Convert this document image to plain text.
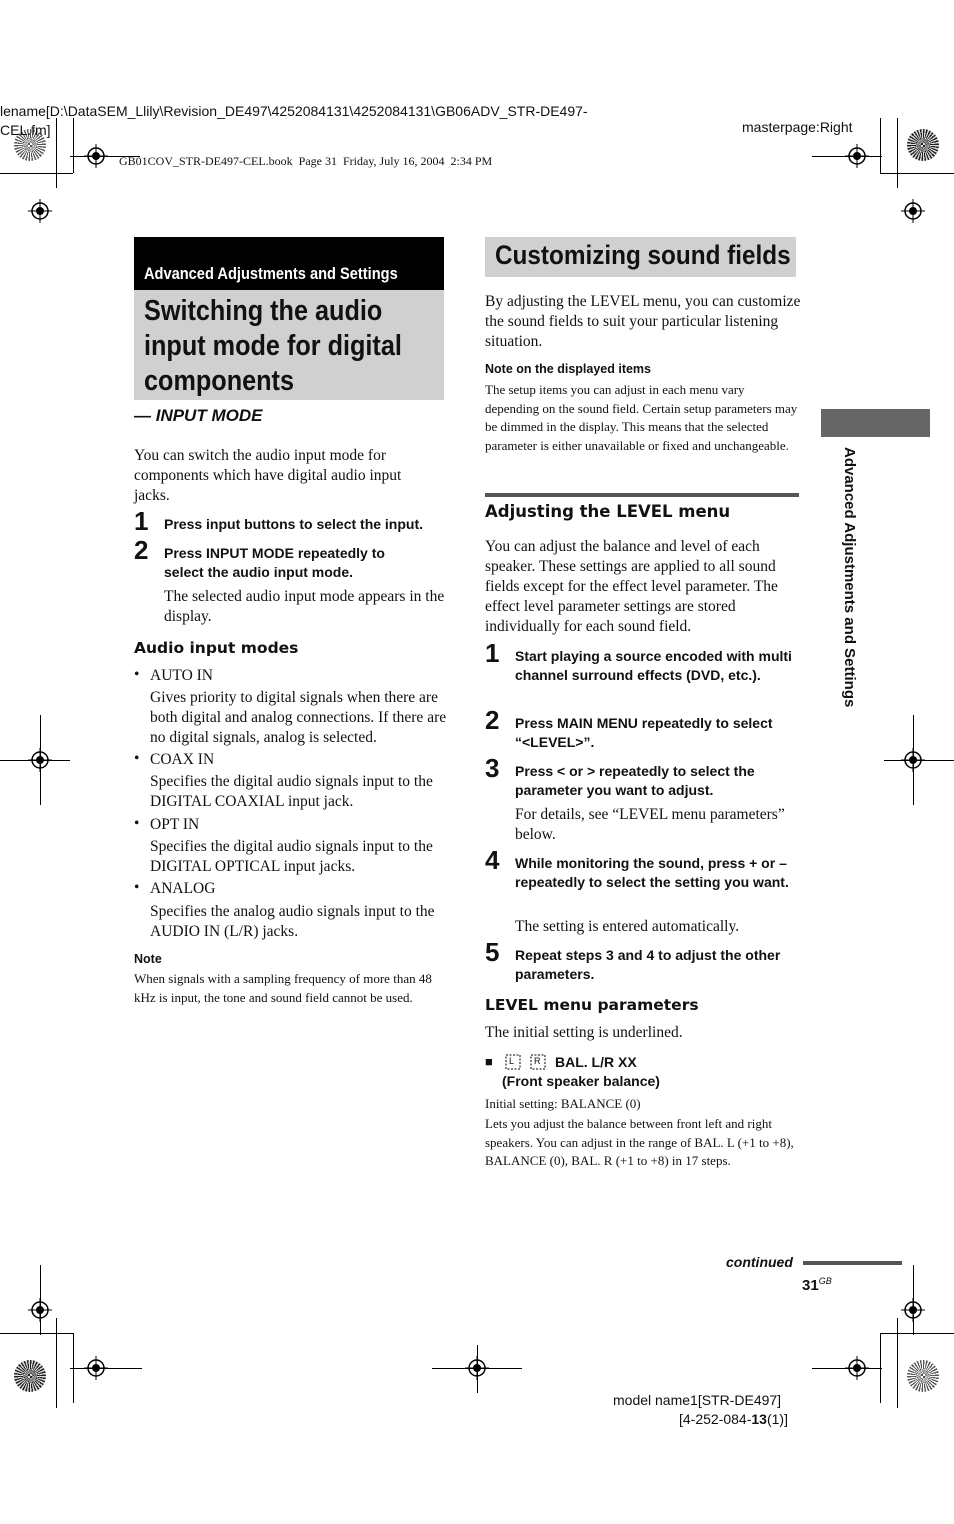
lename[D:\DataSEM_Llily\Revision_DE497\4252084131\4252084131\GB06ADV_STR-DE497-
CEL.fm]	masterpage:Right
GB01COV_STR-DE497-CEL.book  Page 31  Friday, July 16, 2004  2:34 PM
Advanced Adjustments and Settings
Switching the audio input mode for digital components
— INPUT MODE
You can switch the audio input mode for components which have digital audio input jacks.
1 Press input buttons to select the input.
2 Press INPUT MODE repeatedly to select the audio input mode.
The selected audio input mode appears in the display.
Audio input modes
• AUTO IN
Gives priority to digital signals when there are both digital and analog connections. If there are no digital signals, analog is selected.
• COAX IN
Specifies the digital audio signals input to the DIGITAL COAXIAL input jack.
• OPT IN
Specifies the digital audio signals input to the DIGITAL OPTICAL input jacks.
• ANALOG
Specifies the analog audio signals input to the AUDIO IN (L/R) jacks.
Note
When signals with a sampling frequency of more than 48 kHz is input, the tone and sound field cannot be used.
Customizing sound fields
By adjusting the LEVEL menu, you can customize the sound fields to suit your particular listening situation.
Note on the displayed items
The setup items you can adjust in each menu vary depending on the sound field. Certain setup parameters may be dimmed in the display. This means that the selected parameter is either unavailable or fixed and unchangeable.
Adjusting the LEVEL menu
You can adjust the balance and level of each speaker. These settings are applied to all sound fields except for the effect level parameter. The effect level parameter settings are stored individually for each sound field.
1 Start playing a source encoded with multi channel surround effects (DVD, etc.).
2 Press MAIN MENU repeatedly to select “<LEVEL>”.
3 Press < or > repeatedly to select the parameter you want to adjust.
For details, see “LEVEL menu parameters” below.
4 While monitoring the sound, press + or – repeatedly to select the setting you want.
The setting is entered automatically.
5 Repeat steps 3 and 4 to adjust the other parameters.
LEVEL menu parameters
The initial setting is underlined.
■ L R BAL. L/R XX
(Front speaker balance)
Initial setting: BALANCE (0)
Lets you adjust the balance between front left and right speakers. You can adjust in the range of BAL. L (+1 to +8), BALANCE (0), BAL. R (+1 to +8) in 17 steps.
Advanced Adjustments and Settings
continued
$31^{GB}$
model name1[STR-DE497]
[4-252-084-13(1)]
